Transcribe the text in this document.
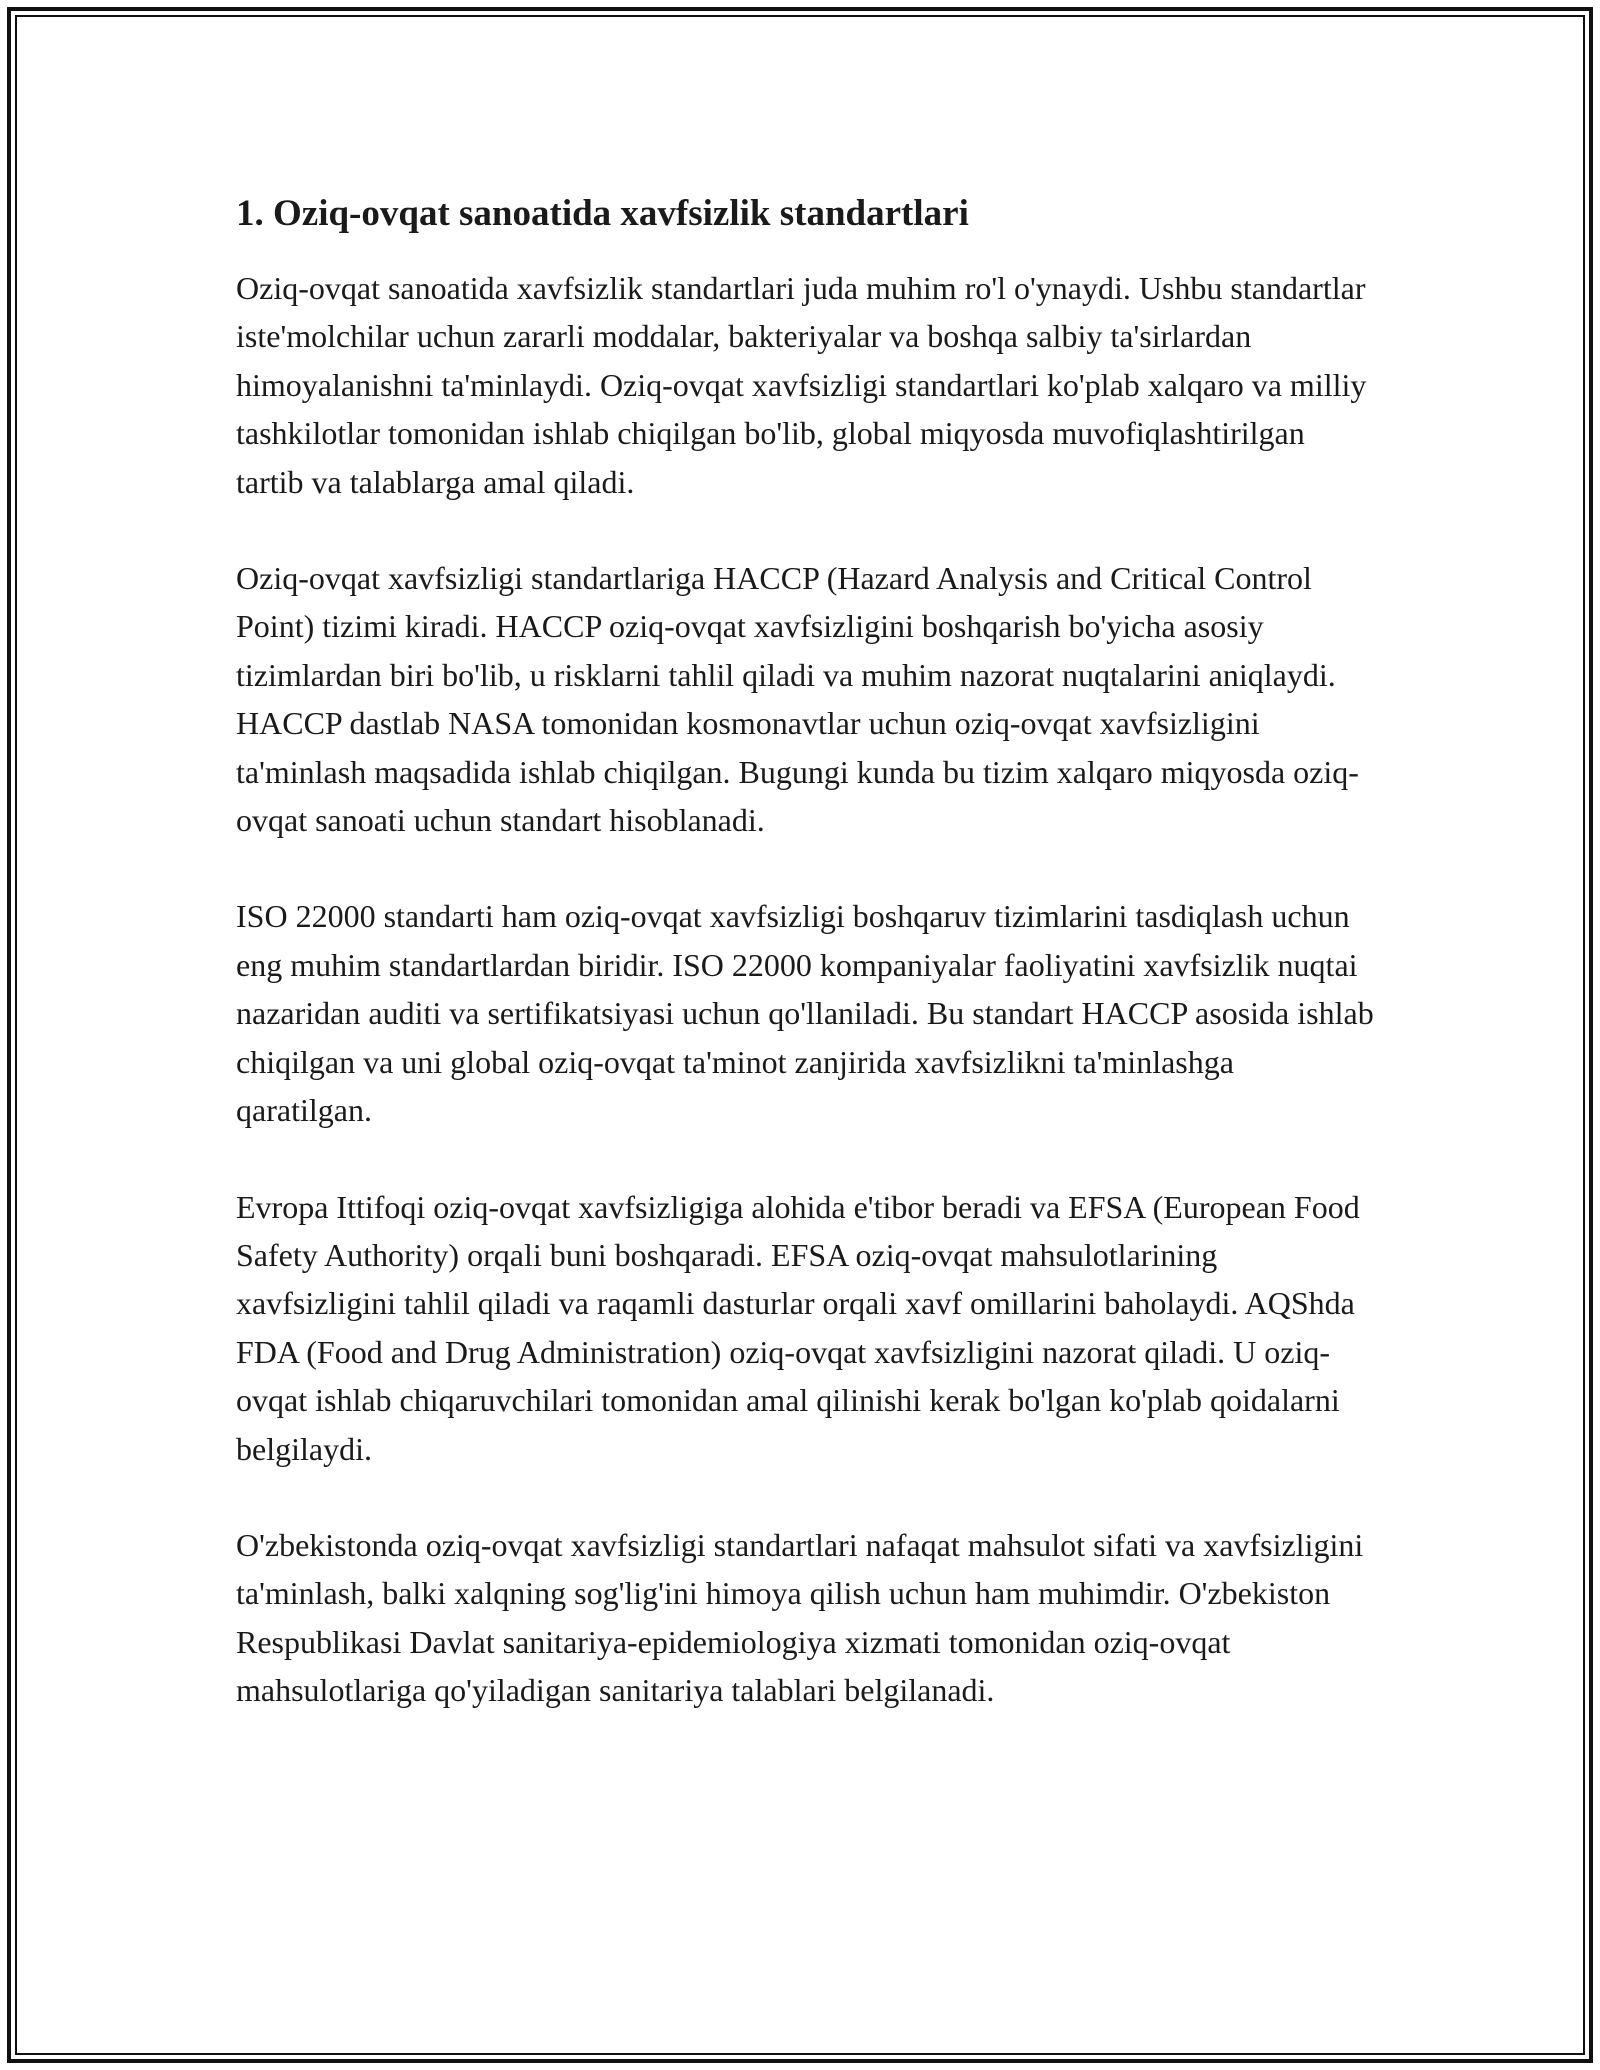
1. Oziq-ovqat sanoatida xavfsizlik standartlari

Oziq-ovqat sanoatida xavfsizlik standartlari juda muhim ro'l o'ynaydi. Ushbu standartlar iste'molchilar uchun zararli moddalar, bakteriyalar va boshqa salbiy ta'sirlardan himoyalanishni ta'minlaydi. Oziq-ovqat xavfsizligi standartlari ko'plab xalqaro va milliy tashkilotlar tomonidan ishlab chiqilgan bo'lib, global miqyosda muvofiqlashtirilgan tartib va talablarga amal qiladi.

Oziq-ovqat xavfsizligi standartlariga HACCP (Hazard Analysis and Critical Control Point) tizimi kiradi. HACCP oziq-ovqat xavfsizligini boshqarish bo'yicha asosiy tizimlardan biri bo'lib, u risklarni tahlil qiladi va muhim nazorat nuqtalarini aniqlaydi. HACCP dastlab NASA tomonidan kosmonavtlar uchun oziq-ovqat xavfsizligini ta'minlash maqsadida ishlab chiqilgan. Bugungi kunda bu tizim xalqaro miqyosda oziq-ovqat sanoati uchun standart hisoblanadi.

ISO 22000 standarti ham oziq-ovqat xavfsizligi boshqaruv tizimlarini tasdiqlash uchun eng muhim standartlardan biridir. ISO 22000 kompaniyalar faoliyatini xavfsizlik nuqtai nazaridan auditi va sertifikatsiyasi uchun qo'llaniladi. Bu standart HACCP asosida ishlab chiqilgan va uni global oziq-ovqat ta'minot zanjirida xavfsizlikni ta'minlashga qaratilgan.

Evropa Ittifoqi oziq-ovqat xavfsizligiga alohida e'tibor beradi va EFSA (European Food Safety Authority) orqali buni boshqaradi. EFSA oziq-ovqat mahsulotlarining xavfsizligini tahlil qiladi va raqamli dasturlar orqali xavf omillarini baholaydi. AQShda FDA (Food and Drug Administration) oziq-ovqat xavfsizligini nazorat qiladi. U oziq-ovqat ishlab chiqaruvchilari tomonidan amal qilinishi kerak bo'lgan ko'plab qoidalarni belgilaydi.

O'zbekistonda oziq-ovqat xavfsizligi standartlari nafaqat mahsulot sifati va xavfsizligini ta'minlash, balki xalqning sog'lig'ini himoya qilish uchun ham muhimdir. O'zbekiston Respublikasi Davlat sanitariya-epidemiologiya xizmati tomonidan oziq-ovqat mahsulotlariga qo'yiladigan sanitariya talablari belgilanadi.
